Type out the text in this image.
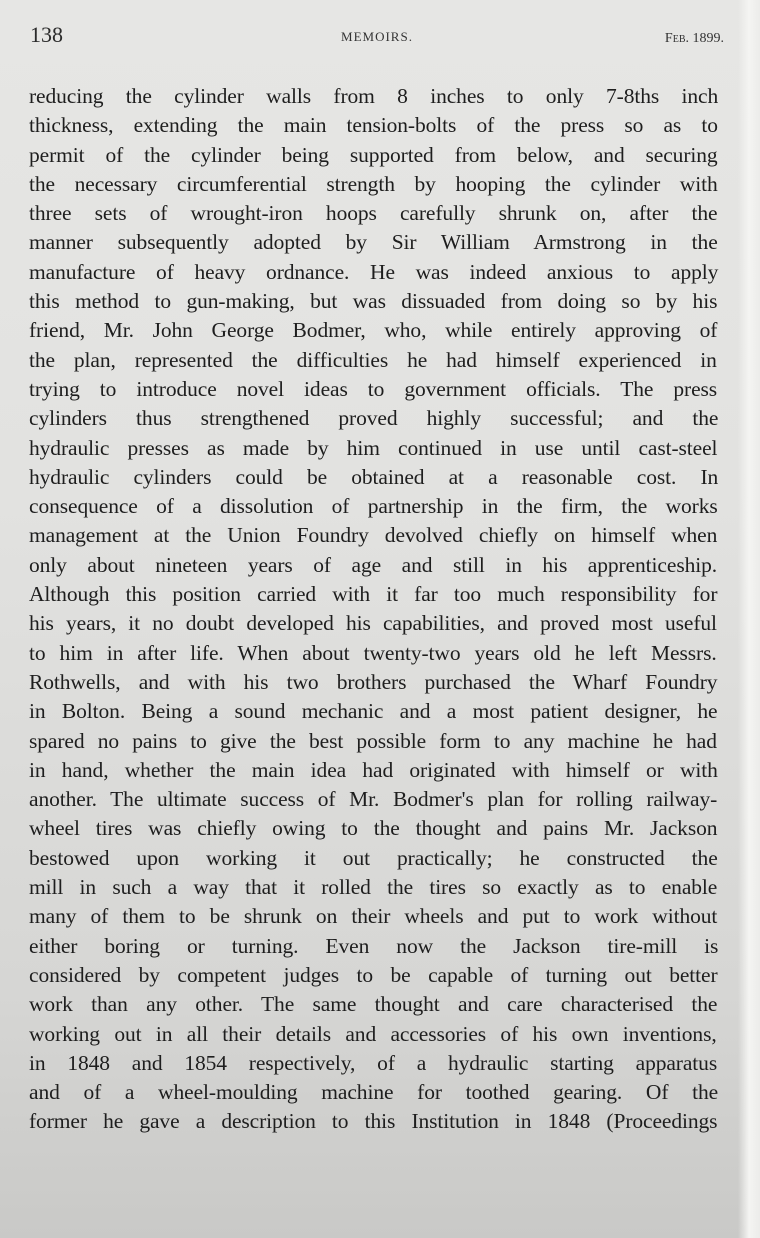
138	MEMOIRS.	Feb. 1899.
reducing the cylinder walls from 8 inches to only 7-8ths inch
thickness, extending the main tension-bolts of the press so as to
permit of the cylinder being supported from below, and securing
the necessary circumferential strength by hooping the cylinder with
three sets of wrought-iron hoops carefully shrunk on, after the
manner subsequently adopted by Sir William Armstrong in the
manufacture of heavy ordnance. He was indeed anxious to apply
this method to gun-making, but was dissuaded from doing so by his
friend, Mr. John George Bodmer, who, while entirely approving of
the plan, represented the difficulties he had himself experienced in
trying to introduce novel ideas to government officials. The press
cylinders thus strengthened proved highly successful; and the
hydraulic presses as made by him continued in use until cast-steel
hydraulic cylinders could be obtained at a reasonable cost. In
consequence of a dissolution of partnership in the firm, the works
management at the Union Foundry devolved chiefly on himself when
only about nineteen years of age and still in his apprenticeship.
Although this position carried with it far too much responsibility for
his years, it no doubt developed his capabilities, and proved most useful
to him in after life. When about twenty-two years old he left Messrs.
Rothwells, and with his two brothers purchased the Wharf Foundry
in Bolton. Being a sound mechanic and a most patient designer, he
spared no pains to give the best possible form to any machine he had
in hand, whether the main idea had originated with himself or with
another. The ultimate success of Mr. Bodmer's plan for rolling railway-
wheel tires was chiefly owing to the thought and pains Mr. Jackson
bestowed upon working it out practically; he constructed the
mill in such a way that it rolled the tires so exactly as to enable
many of them to be shrunk on their wheels and put to work without
either boring or turning. Even now the Jackson tire-mill is
considered by competent judges to be capable of turning out better
work than any other. The same thought and care characterised the
working out in all their details and accessories of his own inventions,
in 1848 and 1854 respectively, of a hydraulic starting apparatus
and of a wheel-moulding machine for toothed gearing. Of the
former he gave a description to this Institution in 1848 (Proceedings
